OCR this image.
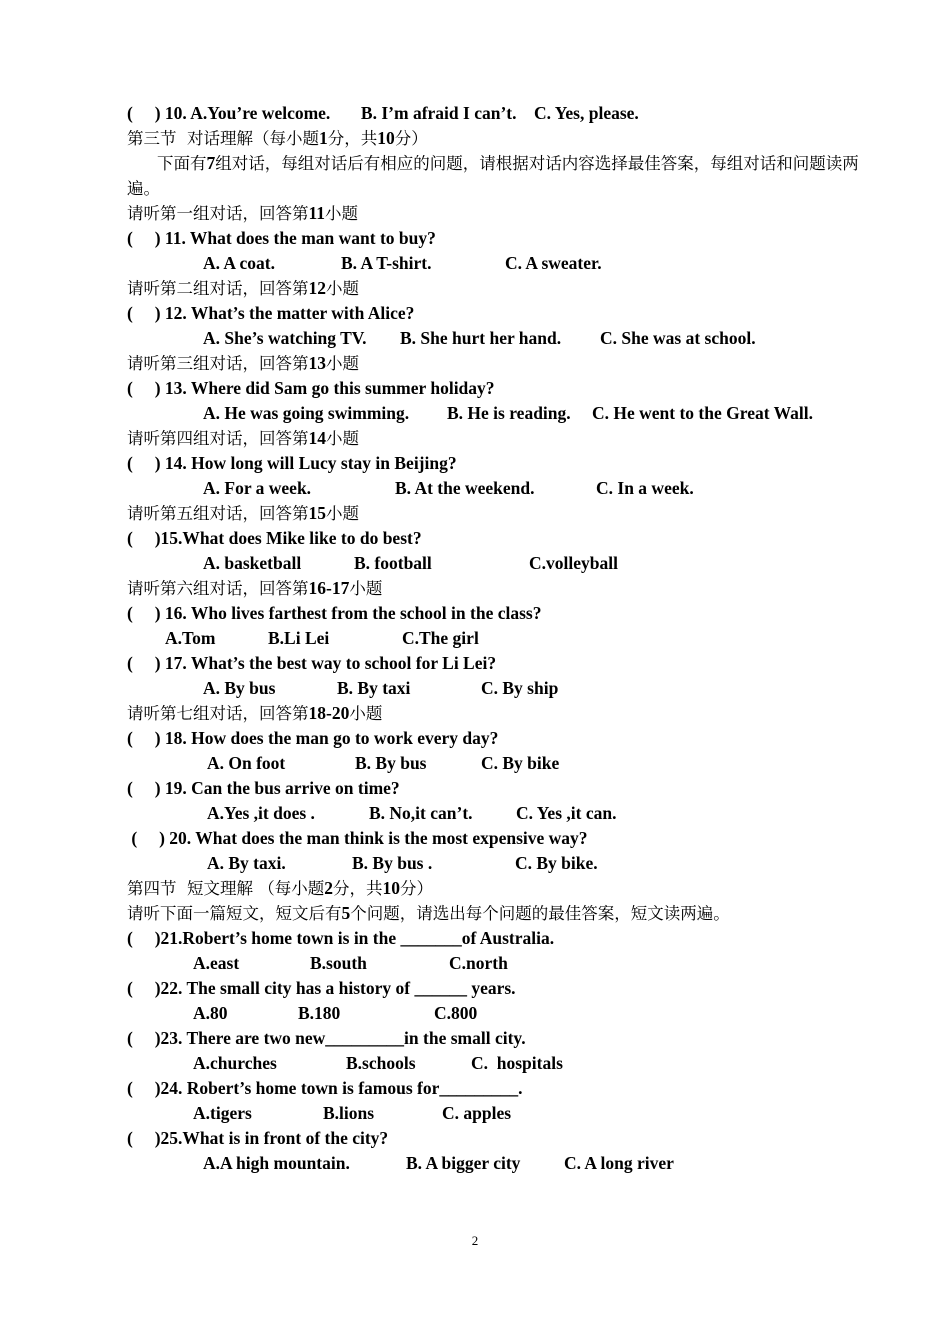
(     ) 10. A.You’re welcome.       B. I’m afraid I can’t.    C. Yes, please.
第三节  对话理解（每小题1分，共10分）
下面有7组对话，每组对话后有相应的问题，请根据对话内容选择最佳答案，每组对话和问题读两遍。
请听第一组对话，回答第11小题
(     ) 11. What does the man want to buy?

A. A coat.

	B. A T-shirt.

	C. A sweater.

请听第二组对话，回答第12小题
(     ) 12. What’s the matter with Alice?

A. She’s watching TV.

B. She hurt her hand.

C. She was at school.

请听第三组对话，回答第13小题
(     ) 13. Where did Sam go this summer holiday?

A. He was going swimming.

B. He is reading.

C. He went to the Great Wall.

请听第四组对话，回答第14小题
(     ) 14. How long will Lucy stay in Beijing?

A. For a week.

	B. At the weekend.

	C. In a week.

请听第五组对话，回答第15小题
(     )15.What does Mike like to do best?

A. basketball

	B. football

	C.volleyball

请听第六组对话，回答第16-17小题
(     ) 16. Who lives farthest from the school in the class?

A.Tom

	B.Li Lei

	C.The girl

(     ) 17. What’s the best way to school for Li Lei?

A. By bus

	B. By taxi

	C. By ship

请听第七组对话，回答第18-20小题
(     ) 18. How does the man go to work every day?

A. On foot

	B. By bus

	C. By bike

(     ) 19. Can the bus arrive on time?

A.Yes ,it does .

	B. No,it can’t.

C. Yes ,it can.

(     ) 20. What does the man think is the most expensive way?

A. By taxi.

	B. By bus .

	C. By bike.

第四节  短文理解 （每小题2分，共10分）
请听下面一篇短文，短文后有5个问题，请选出每个问题的最佳答案，短文读两遍。
(     )21.Robert’s home town is in the _______of Australia.

A.east

	B.south

	C.north

(     )22. The small city has a history of ______ years.

A.80

	B.180

	C.800

(     )23. There are two new_________in the small city.

A.churches

	B.schools

	C.  hospitals

(     )24. Robert’s home town is famous for_________.

A.tigers

	B.lions

	C. apples

(     )25.What is in front of the city?

A.A high mountain.

	B. A bigger city

C. A long river

2
